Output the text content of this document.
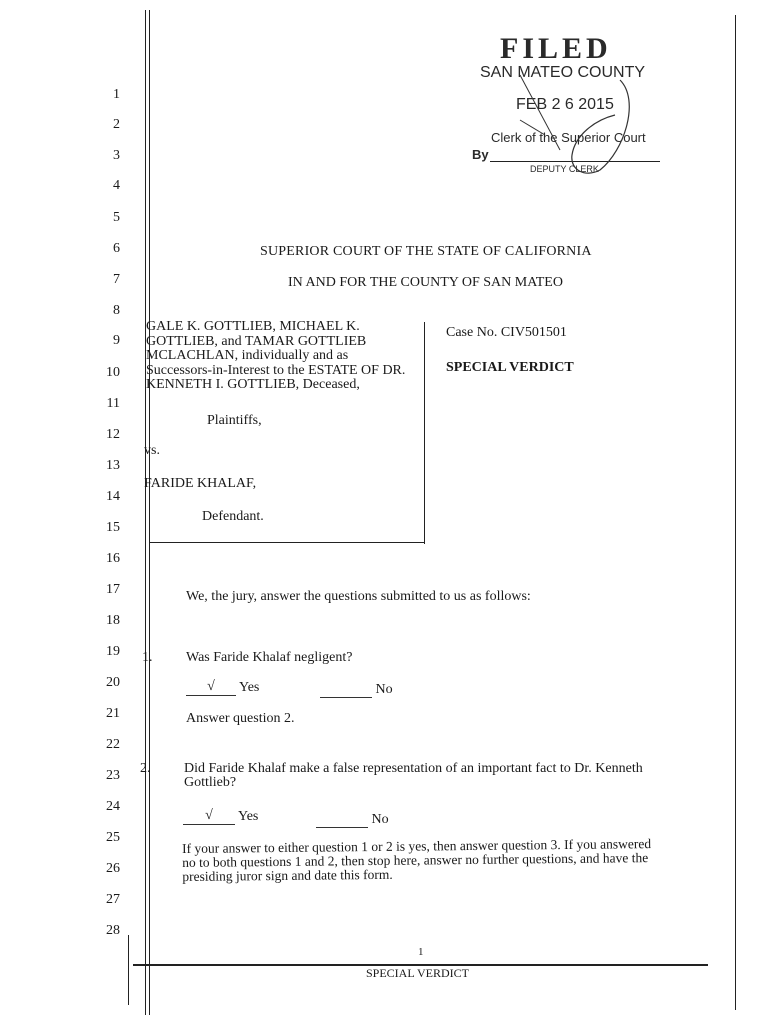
1
2
3
4
5
6
7
8
9
10
11
12
13
14
15
16
17
18
19
20
21
22
23
24
25
26
27
28
FILED
SAN MATEO COUNTY
FEB 2 6 2015
Clerk of the Superior Court
By
DEPUTY CLERK
SUPERIOR COURT OF THE STATE OF CALIFORNIA
IN AND FOR THE COUNTY OF SAN MATEO
GALE K. GOTTLIEB, MICHAEL K.
GOTTLIEB, and TAMAR GOTTLIEB
MCLACHLAN, individually and as
Successors-in-Interest to the ESTATE OF DR.
KENNETH I. GOTTLIEB, Deceased,
Plaintiffs,
vs.
FARIDE KHALAF,
Defendant.
Case No. CIV501501
SPECIAL VERDICT
We, the jury, answer the questions submitted to us as follows:
1. Was Faride Khalaf negligent?
√ Yes	No
Answer question 2.
2. Did Faride Khalaf make a false representation of an important fact to Dr. Kenneth
Gottlieb?
√ Yes	No
If your answer to either question 1 or 2 is yes, then answer question 3. If you answered
no to both questions 1 and 2, then stop here, answer no further questions, and have the
presiding juror sign and date this form.
1
SPECIAL VERDICT
